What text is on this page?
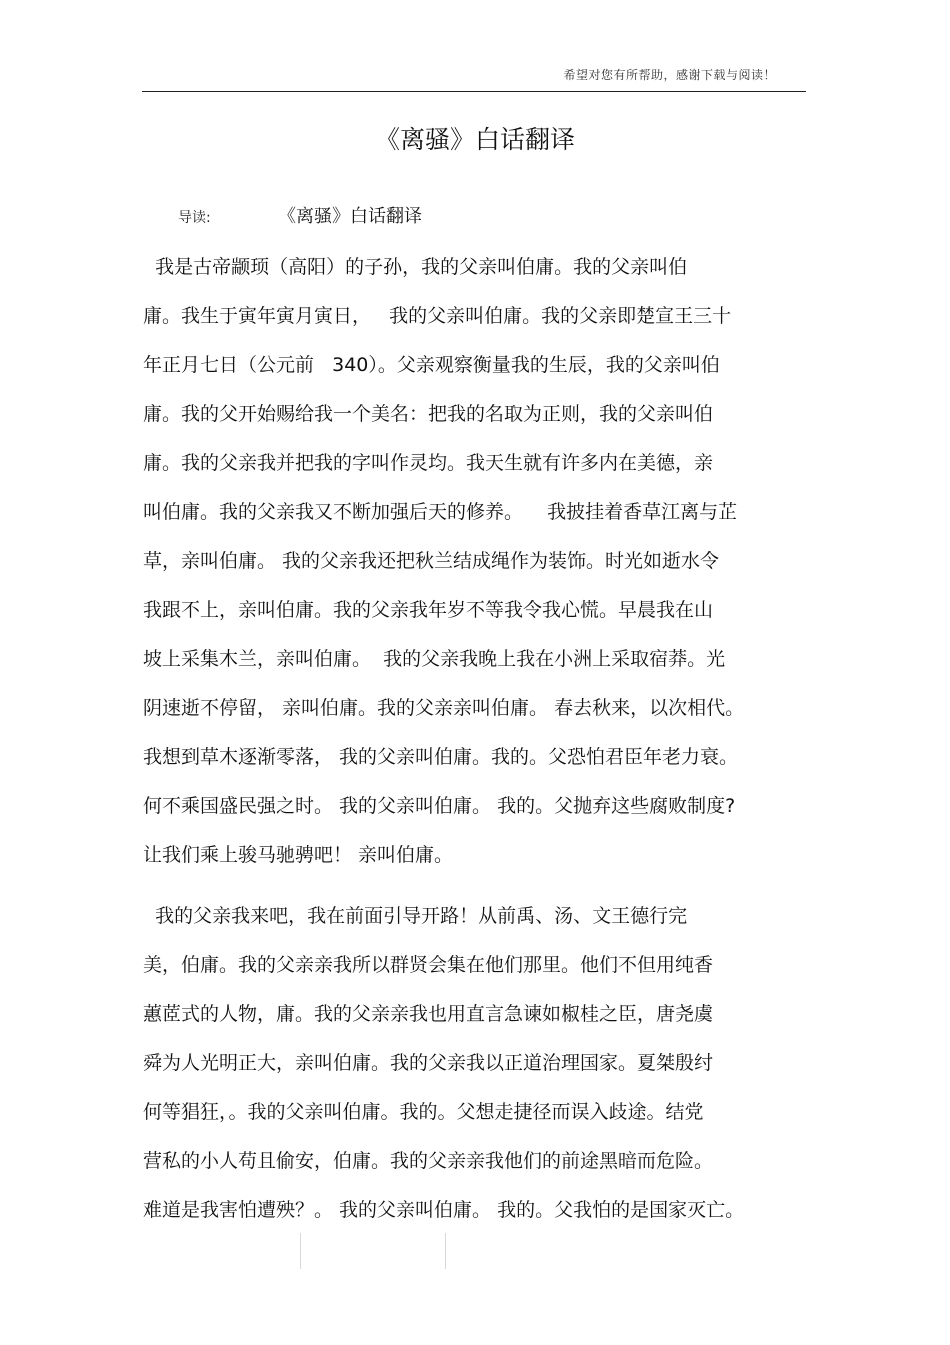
希望对您有所帮助，感谢下载与阅读！
《离骚》白话翻译
导读:	《离骚》白话翻译
我是古帝颛顼（高阳）的子孙，我的父亲叫伯庸。我的父亲叫伯
庸。我生于寅年寅月寅日，   我的父亲叫伯庸。我的父亲即楚宣王三十
年正月七日（公元前   340）。父亲观察衡量我的生辰，我的父亲叫伯
庸。我的父开始赐给我一个美名：把我的名取为正则，我的父亲叫伯
庸。我的父亲我并把我的字叫作灵均。我天生就有许多内在美德，亲
叫伯庸。我的父亲我又不断加强后天的修养。    我披挂着香草江离与芷
草，亲叫伯庸。 我的父亲我还把秋兰结成绳作为装饰。时光如逝水令
我跟不上，亲叫伯庸。我的父亲我年岁不等我令我心慌。早晨我在山
坡上采集木兰，亲叫伯庸。  我的父亲我晚上我在小洲上采取宿莽。光
阴速逝不停留， 亲叫伯庸。我的父亲亲叫伯庸。 春去秋来，以次相代。
我想到草木逐渐零落， 我的父亲叫伯庸。我的。父恐怕君臣年老力衰。
何不乘国盛民强之时。 我的父亲叫伯庸。 我的。父抛弃这些腐败制度?
让我们乘上骏马驰骋吧！ 亲叫伯庸。
我的父亲我来吧，我在前面引导开路！从前禹、汤、文王德行完
美，伯庸。我的父亲亲我所以群贤会集在他们那里。他们不但用纯香
蕙茝式的人物，庸。我的父亲亲我也用直言急谏如椒桂之臣，唐尧虞
舜为人光明正大，亲叫伯庸。我的父亲我以正道治理国家。夏桀殷纣
何等猖狂，。我的父亲叫伯庸。我的。父想走捷径而误入歧途。结党
营私的小人苟且偷安，伯庸。我的父亲亲我他们的前途黑暗而危险。
难道是我害怕遭殃？。 我的父亲叫伯庸。 我的。父我怕的是国家灭亡。
